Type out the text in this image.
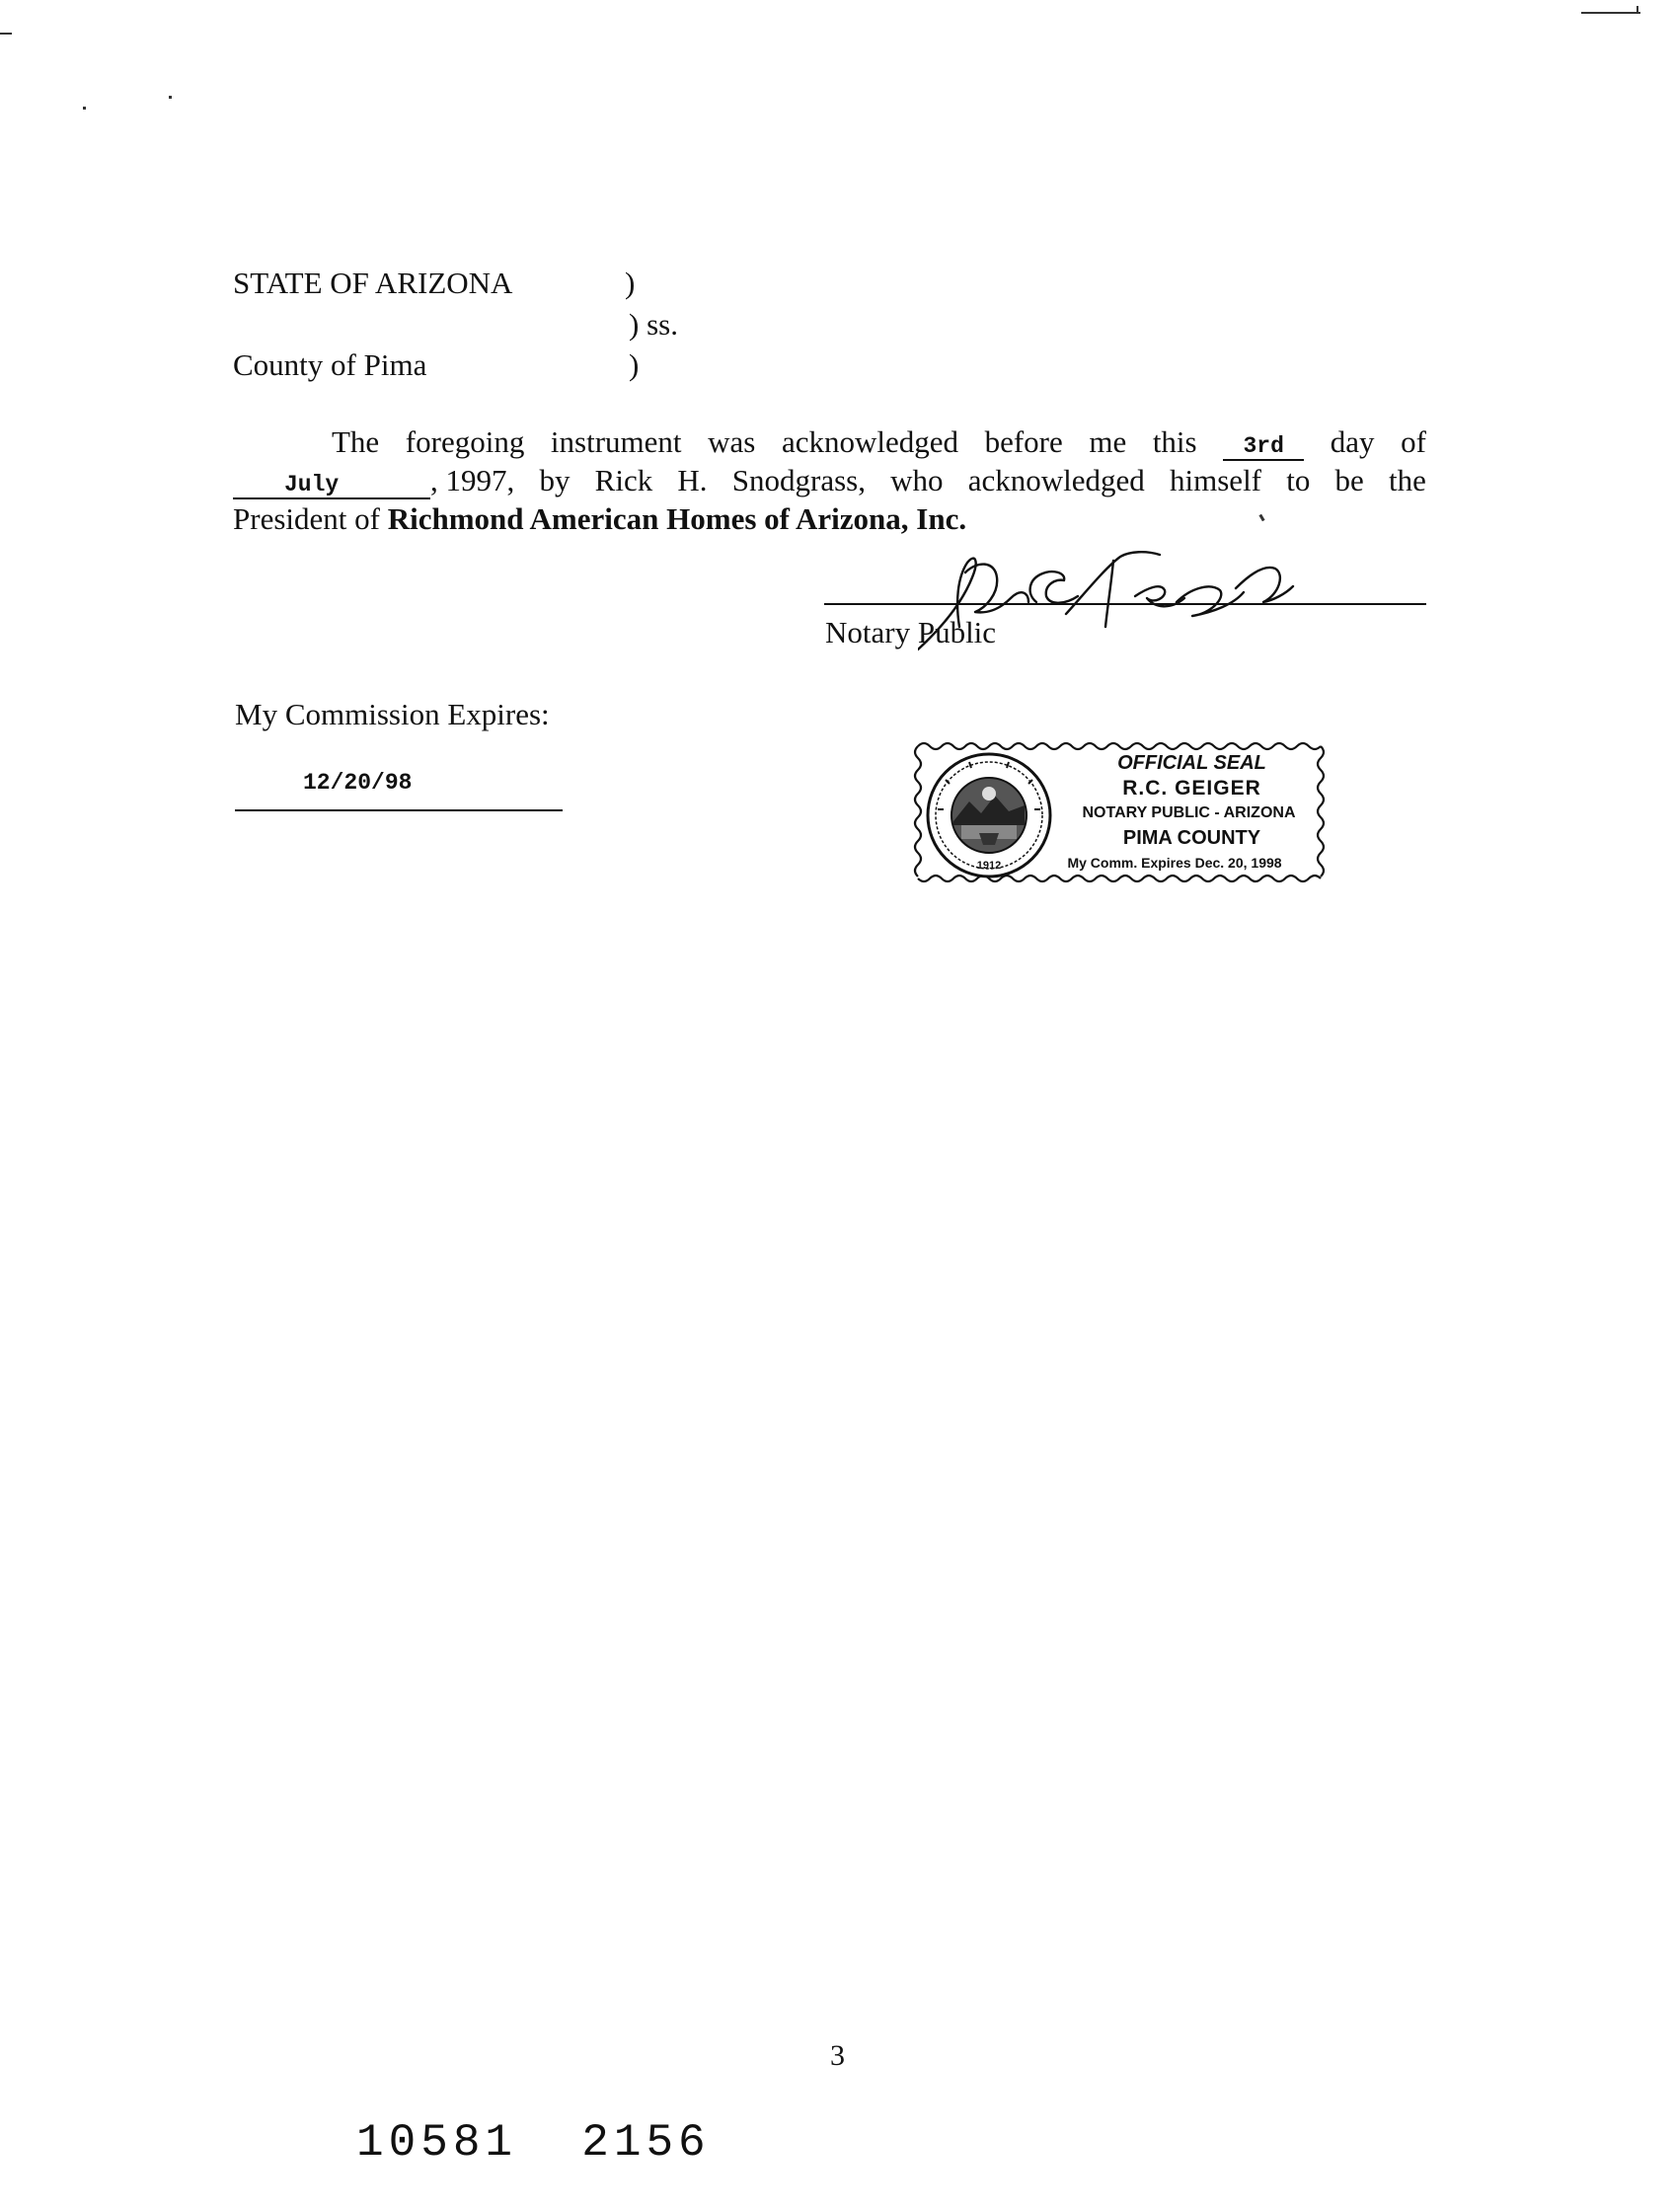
STATE OF ARIZONA	)
) ss.
County of Pima	)
The foregoing instrument was acknowledged before me this	3rd	day of
July	, 1997, by Rick H. Snodgrass, who acknowledged himself to be the
President of Richmond American Homes of Arizona, Inc.
Notary Public
My Commission Expires:
12/20/98
1912
OFFICIAL SEAL
R.C. GEIGER
NOTARY PUBLIC - ARIZONA
PIMA COUNTY
My Comm. Expires Dec. 20, 1998
3
10581  2156
